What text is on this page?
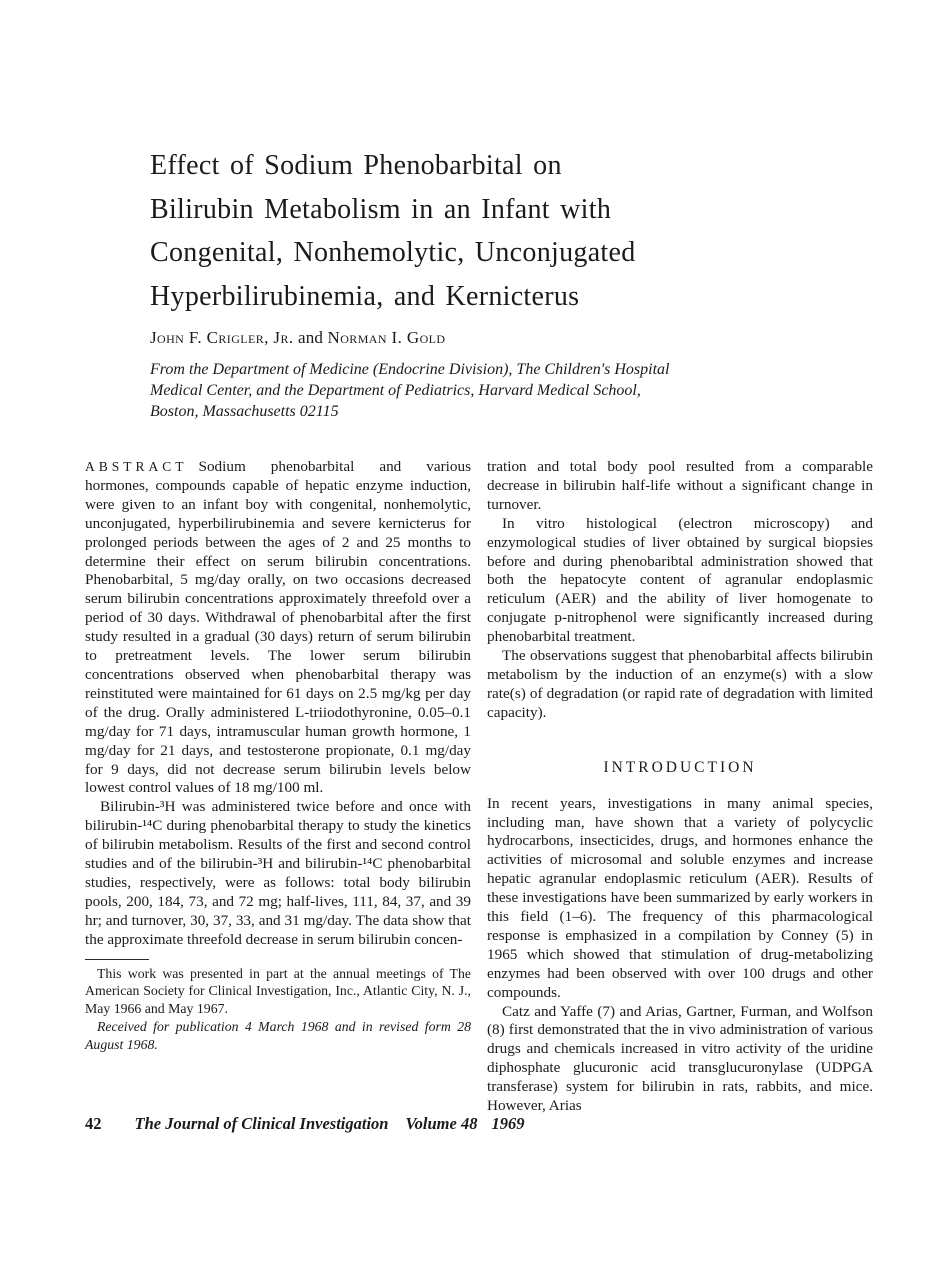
Effect of Sodium Phenobarbital on
Bilirubin Metabolism in an Infant with
Congenital, Nonhemolytic, Unconjugated
Hyperbilirubinemia, and Kernicterus
John F. Crigler, Jr. and Norman I. Gold
From the Department of Medicine (Endocrine Division), The Children's Hospital Medical Center, and the Department of Pediatrics, Harvard Medical School, Boston, Massachusetts 02115

ABSTRACT Sodium phenobarbital and various hormones, compounds capable of hepatic enzyme induction, were given to an infant boy with congenital, nonhemolytic, unconjugated, hyperbilirubinemia and severe kernicterus for prolonged periods between the ages of 2 and 25 months to determine their effect on serum bilirubin concentrations. Phenobarbital, 5 mg/day orally, on two occasions decreased serum bilirubin concentrations approximately threefold over a period of 30 days. Withdrawal of phenobarbital after the first study resulted in a gradual (30 days) return of serum bilirubin to pretreatment levels. The lower serum bilirubin concentrations observed when phenobarbital therapy was reinstituted were maintained for 61 days on 2.5 mg/kg per day of the drug. Orally administered L-triiodothyronine, 0.05–0.1 mg/day for 71 days, intramuscular human growth hormone, 1 mg/day for 21 days, and testosterone propionate, 0.1 mg/day for 9 days, did not decrease serum bilirubin levels below lowest control values of 18 mg/100 ml.

Bilirubin-³H was administered twice before and once with bilirubin-¹⁴C during phenobarbital therapy to study the kinetics of bilirubin metabolism. Results of the first and second control studies and of the bilirubin-³H and bilirubin-¹⁴C phenobarbital studies, respectively, were as follows: total body bilirubin pools, 200, 184, 73, and 72 mg; half-lives, 111, 84, 37, and 39 hr; and turnover, 30, 37, 33, and 31 mg/day. The data show that the approximate threefold decrease in serum bilirubin concen-

This work was presented in part at the annual meetings of The American Society for Clinical Investigation, Inc., Atlantic City, N. J., May 1966 and May 1967.

Received for publication 4 March 1968 and in revised form 28 August 1968.

tration and total body pool resulted from a comparable decrease in bilirubin half-life without a significant change in turnover.

In vitro histological (electron microscopy) and enzymological studies of liver obtained by surgical biopsies before and during phenobaribtal administration showed that both the hepatocyte content of agranular endoplasmic reticulum (AER) and the ability of liver homogenate to conjugate p-nitrophenol were significantly increased during phenobarbital treatment.

The observations suggest that phenobarbital affects bilirubin metabolism by the induction of an enzyme(s) with a slow rate(s) of degradation (or rapid rate of degradation with limited capacity).

INTRODUCTION

In recent years, investigations in many animal species, including man, have shown that a variety of polycyclic hydrocarbons, insecticides, drugs, and hormones enhance the activities of microsomal and soluble enzymes and increase hepatic agranular endoplasmic reticulum (AER). Results of these investigations have been summarized by early workers in this field (1–6). The frequency of this pharmacological response is emphasized in a compilation by Conney (5) in 1965 which showed that stimulation of drug-metabolizing enzymes had been observed with over 100 drugs and other compounds.

Catz and Yaffe (7) and Arias, Gartner, Furman, and Wolfson (8) first demonstrated that the in vivo administration of various drugs and chemicals increased in vitro activity of the uridine diphosphate glucuronic acid transglucuronylase (UDPGA transferase) system for bilirubin in rats, rabbits, and mice. However, Arias

42 The Journal of Clinical Investigation Volume 48 1969
